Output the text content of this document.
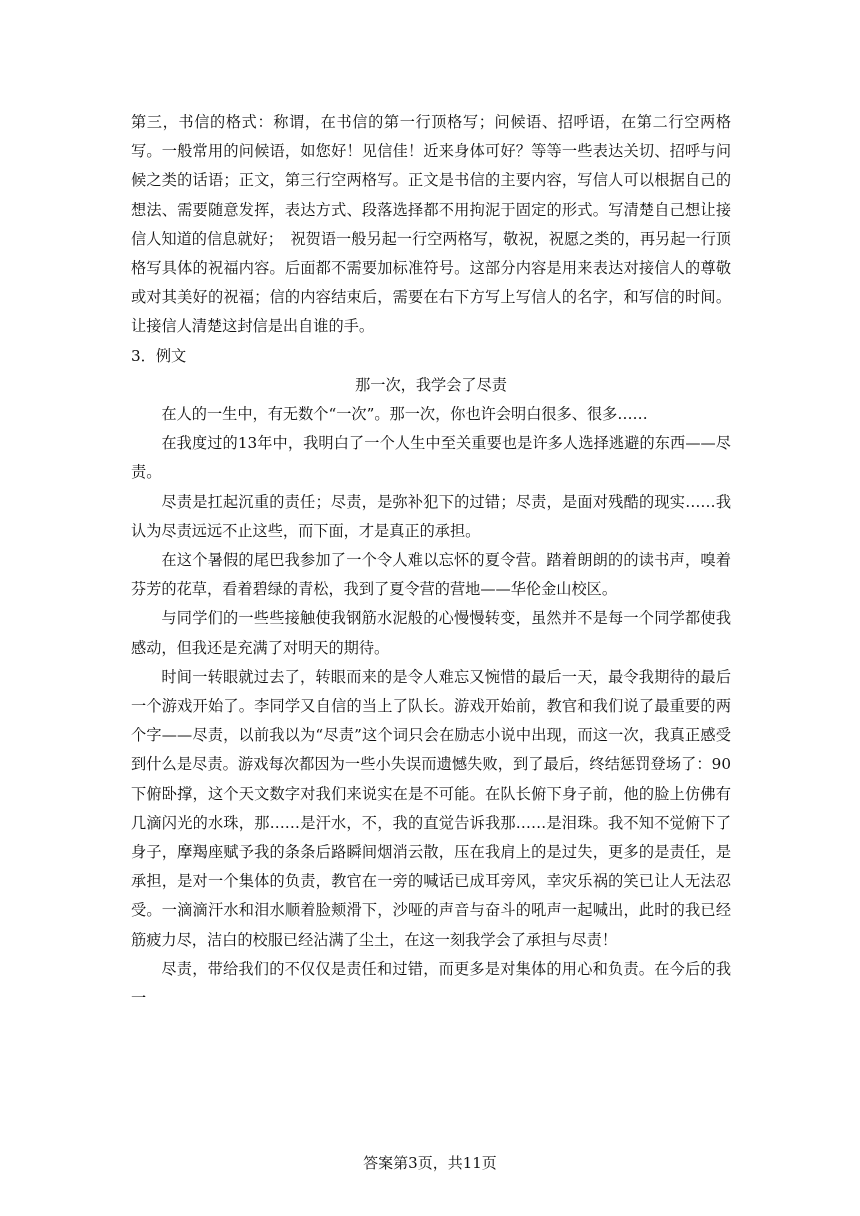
第三，书信的格式：称谓，在书信的第一行顶格写；问候语、招呼语，在第二行空两格写。一般常用的问候语，如您好！见信佳！近来身体可好？等等一些表达关切、招呼与问候之类的话语；正文，第三行空两格写。正文是书信的主要内容，写信人可以根据自己的想法、需要随意发挥，表达方式、段落选择都不用拘泥于固定的形式。写清楚自己想让接信人知道的信息就好；　祝贺语一般另起一行空两格写，敬祝，祝愿之类的，再另起一行顶格写具体的祝福内容。后面都不需要加标准符号。这部分内容是用来表达对接信人的尊敬或对其美好的祝福；信的内容结束后，需要在右下方写上写信人的名字，和写信的时间。让接信人清楚这封信是出自谁的手。

3．例文

那一次，我学会了尽责

在人的一生中，有无数个“一次”。那一次，你也许会明白很多、很多……

在我度过的13年中，我明白了一个人生中至关重要也是许多人选择逃避的东西——尽责。

尽责是扛起沉重的责任；尽责，是弥补犯下的过错；尽责，是面对残酷的现实……我认为尽责远远不止这些，而下面，才是真正的承担。

在这个暑假的尾巴我参加了一个令人难以忘怀的夏令营。踏着朗朗的的读书声，嗅着芬芳的花草，看着碧绿的青松，我到了夏令营的营地——华伦金山校区。

与同学们的一些些接触使我钢筋水泥般的心慢慢转变，虽然并不是每一个同学都使我感动，但我还是充满了对明天的期待。

时间一转眼就过去了，转眼而来的是令人难忘又惋惜的最后一天，最令我期待的最后一个游戏开始了。李同学又自信的当上了队长。游戏开始前，教官和我们说了最重要的两个字——尽责，以前我以为“尽责”这个词只会在励志小说中出现，而这一次，我真正感受到什么是尽责。游戏每次都因为一些小失误而遗憾失败，到了最后，终结惩罚登场了：90下俯卧撑，这个天文数字对我们来说实在是不可能。在队长俯下身子前，他的脸上仿佛有几滴闪光的水珠，那……是汗水，不，我的直觉告诉我那……是泪珠。我不知不觉俯下了身子，摩羯座赋予我的条条后路瞬间烟消云散，压在我肩上的是过失，更多的是责任，是承担，是对一个集体的负责，教官在一旁的喊话已成耳旁风，幸灾乐祸的笑已让人无法忍受。一滴滴汗水和泪水顺着脸颊滑下，沙哑的声音与奋斗的吼声一起喊出，此时的我已经筋疲力尽，洁白的校服已经沾满了尘土，在这一刻我学会了承担与尽责！

尽责，带给我们的不仅仅是责任和过错，而更多是对集体的用心和负责。在今后的我一

答案第3页，共11页
